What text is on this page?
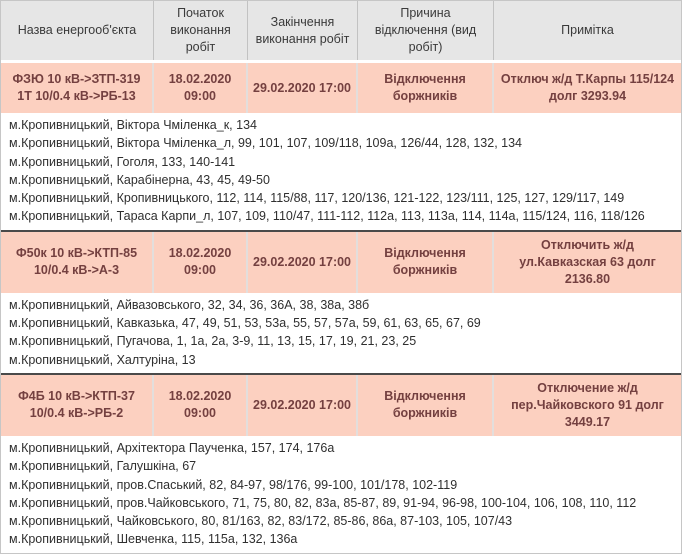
Назва енергооб'єкта
Початок виконання робіт
Закінчення виконання робіт
Причина відключення (вид робіт)
Примітка
ФЗЮ 10 кВ->ЗТП-319 1Т 10/0.4 кВ->РБ-13
18.02.2020 09:00
29.02.2020 17:00
Відключення боржників
Отключ ж/д Т.Карпы 115/124 долг 3293.94
м.Кропивницький, Віктора Чміленка_к, 134
м.Кропивницький, Віктора Чміленка_л, 99, 101, 107, 109/118, 109а, 126/44, 128, 132, 134
м.Кропивницький, Гоголя, 133, 140-141
м.Кропивницький, Карабінерна, 43, 45, 49-50
м.Кропивницький, Кропивницького, 112, 114, 115/88, 117, 120/136, 121-122, 123/111, 125, 127, 129/117, 149
м.Кропивницький, Тараса Карпи_л, 107, 109, 110/47, 111-112, 112а, 113, 113а, 114, 114а, 115/124, 116, 118/126
Ф50к 10 кВ->КТП-85 10/0.4 кВ->А-3
18.02.2020 09:00
29.02.2020 17:00
Відключення боржників
Отключить ж/д ул.Кавказская 63 долг 2136.80
м.Кропивницький, Айвазовського, 32, 34, 36, 36А, 38, 38а, 38б
м.Кропивницький, Кавказька, 47, 49, 51, 53, 53а, 55, 57, 57а, 59, 61, 63, 65, 67, 69
м.Кропивницький, Пугачова, 1, 1а, 2а, 3-9, 11, 13, 15, 17, 19, 21, 23, 25
м.Кропивницький, Халтуріна, 13
Ф4Б 10 кВ->КТП-37 10/0.4 кВ->РБ-2
18.02.2020 09:00
29.02.2020 17:00
Відключення боржників
Отключение ж/д пер.Чайковского 91 долг 3449.17
м.Кропивницький, Архітектора Паученка, 157, 174, 176а
м.Кропивницький, Галушкіна, 67
м.Кропивницький, пров.Спаський, 82, 84-97, 98/176, 99-100, 101/178, 102-119
м.Кропивницький, пров.Чайковського, 71, 75, 80, 82, 83а, 85-87, 89, 91-94, 96-98, 100-104, 106, 108, 110, 112
м.Кропивницький, Чайковського, 80, 81/163, 82, 83/172, 85-86, 86а, 87-103, 105, 107/43
м.Кропивницький, Шевченка, 115, 115а, 132, 136а
